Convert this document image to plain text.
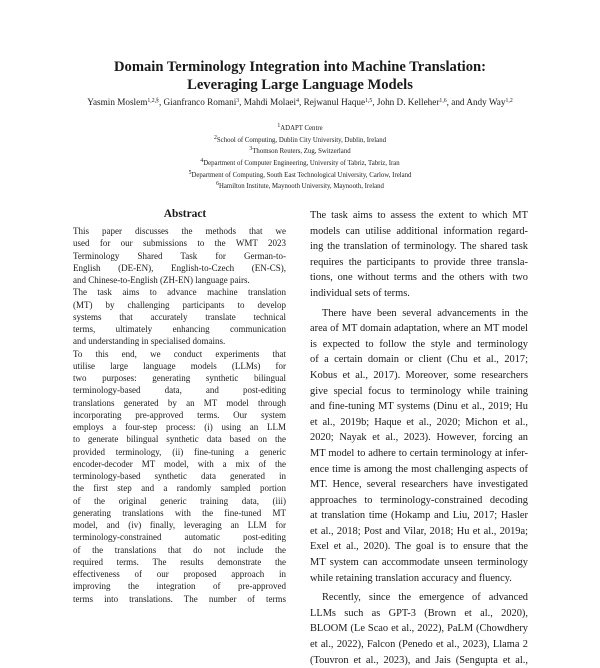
Domain Terminology Integration into Machine Translation:
Leveraging Large Language Models
Yasmin Moslem$^{1,2,\S}$, Gianfranco Romani$^3$, Mahdi Molaei$^4$, Rejwanul Haque$^{1,5}$, John D. Kelleher$^{1,6}$, and Andy Way$^{1,2}$
$^1$ADAPT Centre
$^2$School of Computing, Dublin City University, Dublin, Ireland
$^3$Thomson Reuters, Zug, Switzerland
$^4$Department of Computer Engineering, University of Tabriz, Tabriz, Iran
$^5$Department of Computing, South East Technological University, Carlow, Ireland
$^6$Hamilton Institute, Maynooth University, Maynooth, Ireland
Abstract
This paper discusses the methods that we
used for our submissions to the WMT 2023
Terminology Shared Task for German-to-
English (DE-EN), English-to-Czech (EN-CS),
and Chinese-to-English (ZH-EN) language pairs.
The task aims to advance machine translation
(MT) by challenging participants to develop
systems that accurately translate technical
terms, ultimately enhancing communication
and understanding in specialised domains.
To this end, we conduct experiments that
utilise large language models (LLMs) for
two purposes: generating synthetic bilingual
terminology-based data, and post-editing
translations generated by an MT model through
incorporating pre-approved terms. Our system
employs a four-step process: (i) using an LLM
to generate bilingual synthetic data based on the
provided terminology, (ii) fine-tuning a generic
encoder-decoder MT model, with a mix of the
terminology-based synthetic data generated in
the first step and a randomly sampled portion
of the original generic training data, (iii)
generating translations with the fine-tuned MT
model, and (iv) finally, leveraging an LLM for
terminology-constrained automatic post-editing
of the translations that do not include the
required terms. The results demonstrate the
effectiveness of our proposed approach in
improving the integration of pre-approved
terms into translations. The number of terms
The task aims to assess the extent to which MT
models can utilise additional information regard-
ing the translation of terminology. The shared task
requires the participants to provide three transla-
tions, one without terms and the others with two
individual sets of terms.
There have been several advancements in the
area of MT domain adaptation, where an MT model
is expected to follow the style and terminology
of a certain domain or client (Chu et al., 2017;
Kobus et al., 2017). Moreover, some researchers
give special focus to terminology while training
and fine-tuning MT systems (Dinu et al., 2019; Hu
et al., 2019b; Haque et al., 2020; Michon et al.,
2020; Nayak et al., 2023). However, forcing an
MT model to adhere to certain terminology at infer-
ence time is among the most challenging aspects of
MT. Hence, several researchers have investigated
approaches to terminology-constrained decoding
at translation time (Hokamp and Liu, 2017; Hasler
et al., 2018; Post and Vilar, 2018; Hu et al., 2019a;
Exel et al., 2020). The goal is to ensure that the
MT system can accommodate unseen terminology
while retaining translation accuracy and fluency.
Recently, since the emergence of advanced
LLMs such as GPT-3 (Brown et al., 2020),
BLOOM (Le Scao et al., 2022), PaLM (Chowdhery
et al., 2022), Falcon (Penedo et al., 2023), Llama 2
(Touvron et al., 2023), and Jais (Sengupta et al.,
